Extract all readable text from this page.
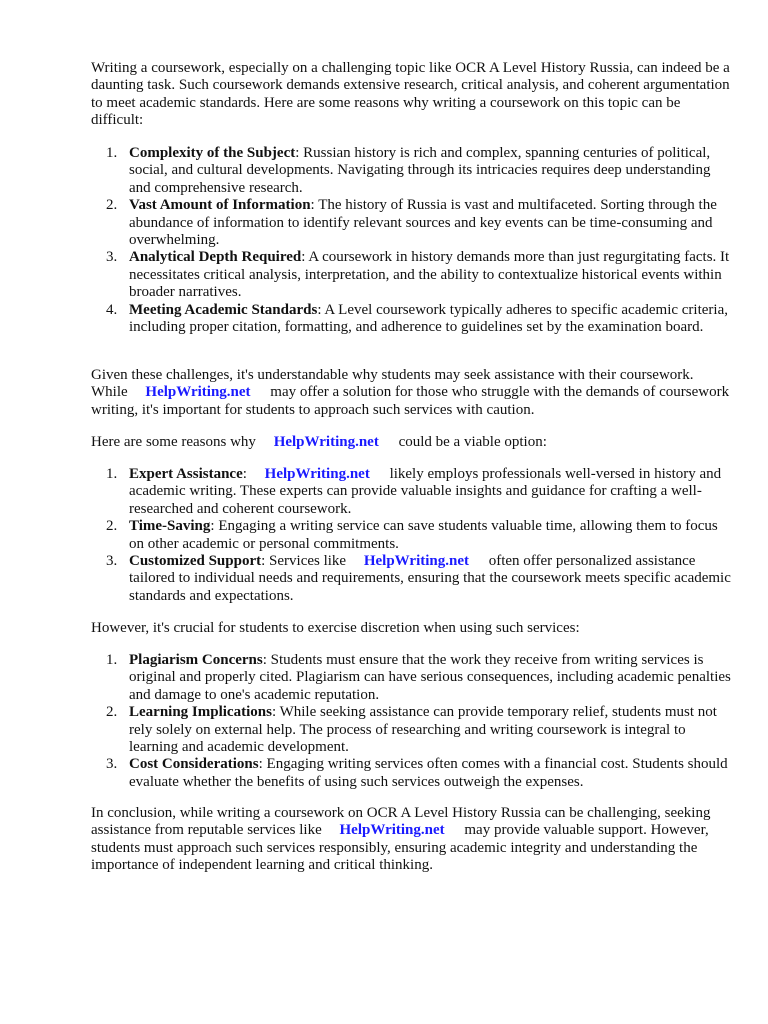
Writing a coursework, especially on a challenging topic like OCR A Level History Russia, can indeed be a daunting task. Such coursework demands extensive research, critical analysis, and coherent argumentation to meet academic standards. Here are some reasons why writing a coursework on this topic can be difficult:

1. Complexity of the Subject: Russian history is rich and complex, spanning centuries of political, social, and cultural developments. Navigating through its intricacies requires deep understanding and comprehensive research.
2. Vast Amount of Information: The history of Russia is vast and multifaceted. Sorting through the abundance of information to identify relevant sources and key events can be time-consuming and overwhelming.
3. Analytical Depth Required: A coursework in history demands more than just regurgitating facts. It necessitates critical analysis, interpretation, and the ability to contextualize historical events within broader narratives.
4. Meeting Academic Standards: A Level coursework typically adheres to specific academic criteria, including proper citation, formatting, and adherence to guidelines set by the examination board.

Given these challenges, it's understandable why students may seek assistance with their coursework. While HelpWriting.net may offer a solution for those who struggle with the demands of coursework writing, it's important for students to approach such services with caution.

Here are some reasons why HelpWriting.net could be a viable option:

1. Expert Assistance: HelpWriting.net likely employs professionals well-versed in history and academic writing. These experts can provide valuable insights and guidance for crafting a well-researched and coherent coursework.
2. Time-Saving: Engaging a writing service can save students valuable time, allowing them to focus on other academic or personal commitments.
3. Customized Support: Services like HelpWriting.net often offer personalized assistance tailored to individual needs and requirements, ensuring that the coursework meets specific academic standards and expectations.

However, it's crucial for students to exercise discretion when using such services:

1. Plagiarism Concerns: Students must ensure that the work they receive from writing services is original and properly cited. Plagiarism can have serious consequences, including academic penalties and damage to one's academic reputation.
2. Learning Implications: While seeking assistance can provide temporary relief, students must not rely solely on external help. The process of researching and writing coursework is integral to learning and academic development.
3. Cost Considerations: Engaging writing services often comes with a financial cost. Students should evaluate whether the benefits of using such services outweigh the expenses.

In conclusion, while writing a coursework on OCR A Level History Russia can be challenging, seeking assistance from reputable services like HelpWriting.net may provide valuable support. However, students must approach such services responsibly, ensuring academic integrity and understanding the importance of independent learning and critical thinking.
